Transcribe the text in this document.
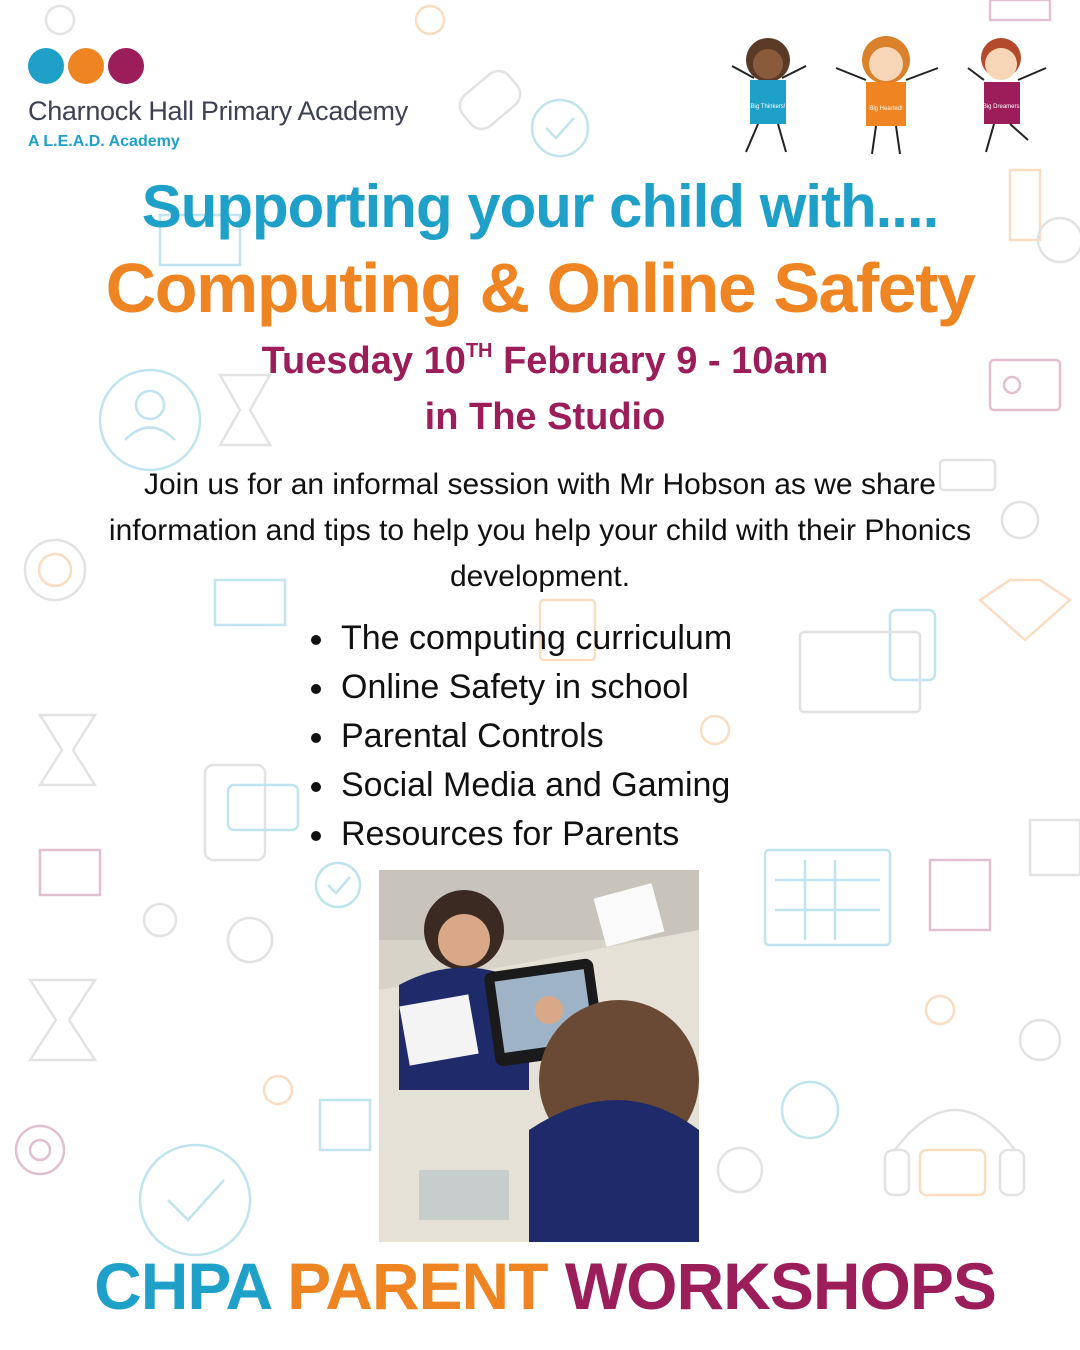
Charnock Hall Primary Academy
A L.E.A.D. Academy
Big Thinkers!	Big Hearted!	Big Dreamers!
Supporting your child with....
Computing & Online Safety
Tuesday 10TH February 9 - 10am
in The Studio
Join us for an informal session with Mr Hobson as we share information and tips to help you help your child with their Phonics development.
The computing curriculum
Online Safety in school
Parental Controls
Social Media and Gaming
Resources for Parents
CHPA PARENT WORKSHOPS
